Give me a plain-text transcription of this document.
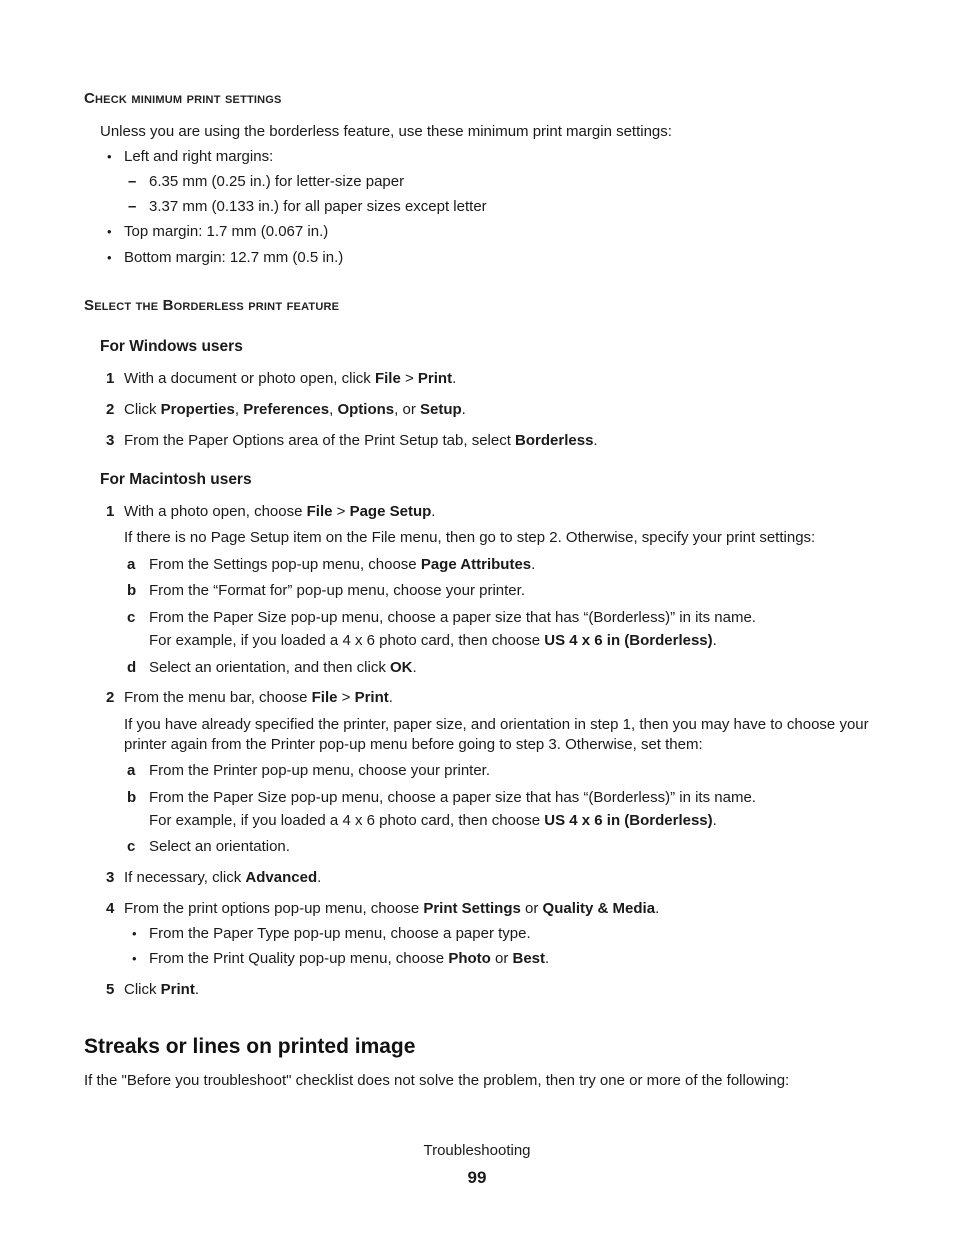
Check minimum print settings
Unless you are using the borderless feature, use these minimum print margin settings:
• Left and right margins:
– 6.35 mm (0.25 in.) for letter-size paper
– 3.37 mm (0.133 in.) for all paper sizes except letter
• Top margin: 1.7 mm (0.067 in.)
• Bottom margin: 12.7 mm (0.5 in.)
Select the Borderless print feature
For Windows users
1 With a document or photo open, click File > Print.
2 Click Properties, Preferences, Options, or Setup.
3 From the Paper Options area of the Print Setup tab, select Borderless.
For Macintosh users
1 With a photo open, choose File > Page Setup.
If there is no Page Setup item on the File menu, then go to step 2. Otherwise, specify your print settings:
a From the Settings pop-up menu, choose Page Attributes.
b From the “Format for” pop-up menu, choose your printer.
c From the Paper Size pop-up menu, choose a paper size that has “(Borderless)” in its name.
For example, if you loaded a 4 x 6 photo card, then choose US 4 x 6 in (Borderless).
d Select an orientation, and then click OK.
2 From the menu bar, choose File > Print.
If you have already specified the printer, paper size, and orientation in step 1, then you may have to choose your
printer again from the Printer pop-up menu before going to step 3. Otherwise, set them:
a From the Printer pop-up menu, choose your printer.
b From the Paper Size pop-up menu, choose a paper size that has “(Borderless)” in its name.
For example, if you loaded a 4 x 6 photo card, then choose US 4 x 6 in (Borderless).
c Select an orientation.
3 If necessary, click Advanced.
4 From the print options pop-up menu, choose Print Settings or Quality & Media.
• From the Paper Type pop-up menu, choose a paper type.
• From the Print Quality pop-up menu, choose Photo or Best.
5 Click Print.
Streaks or lines on printed image
If the "Before you troubleshoot" checklist does not solve the problem, then try one or more of the following:
Troubleshooting
99
